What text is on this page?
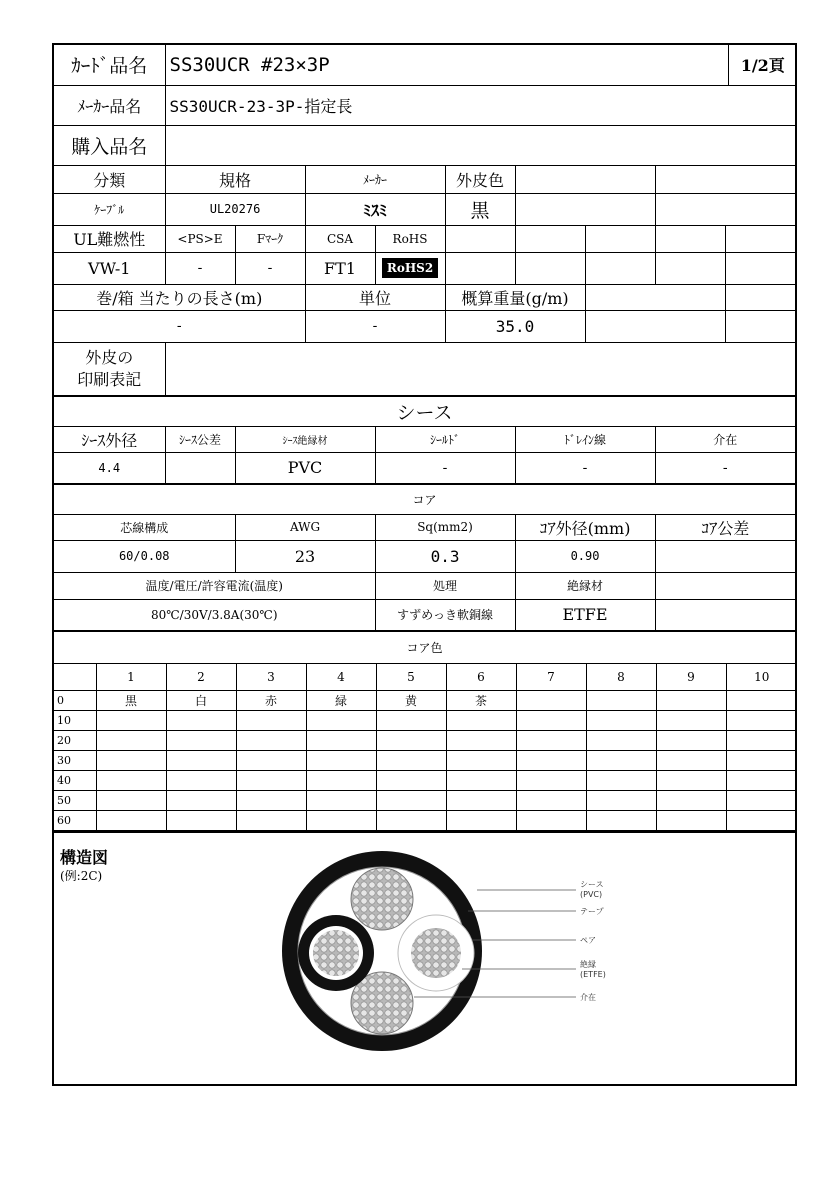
ｶｰﾄﾞ品名	SS30UCR #23×3P	1/2頁
ﾒｰｶｰ品名	SS30UCR-23-3P-指定長
購入品名	
分類	規格		ﾒｰｶｰ		外皮色				
ｹｰﾌﾞﾙ	UL20276		ﾐｽﾐ		黒				
UL難燃性	<PS>E	Fﾏｰｸ	CSA	RoHS					
VW-1	-	-	FT1	RoHS2					
巻/箱 当たりの長さ(m)			単位		概算重量(g/m)				
-			-		35.0				

外皮の
印刷表記									

シース									
ｼｰｽ外径	ｼｰｽ公差	ｼｰｽ絶縁材		ｼｰﾙﾄﾞ		ﾄﾞﾚｲﾝ線		介在	
4.4		PVC		-		-		-	
コア									
芯線構成		AWG		Sq(mm2)		ｺｱ外径(mm)		ｺｱ公差	
60/0.08		23		0.3		0.90			
温度/電圧/許容電流(温度)				処理		絶縁材			
80℃/30V/3.8A(30℃)				すずめっき軟銅線		ETFE			
コア色									
	1	2	3	4	5	6	7	8	9	10
0	黒	白	赤	緑	黄	茶				
10										
20										
30										
40										
50										
60										
構造図
(例:2C)
シース
(PVC)
テープ
ペア
絶縁
(ETFE)
介在
